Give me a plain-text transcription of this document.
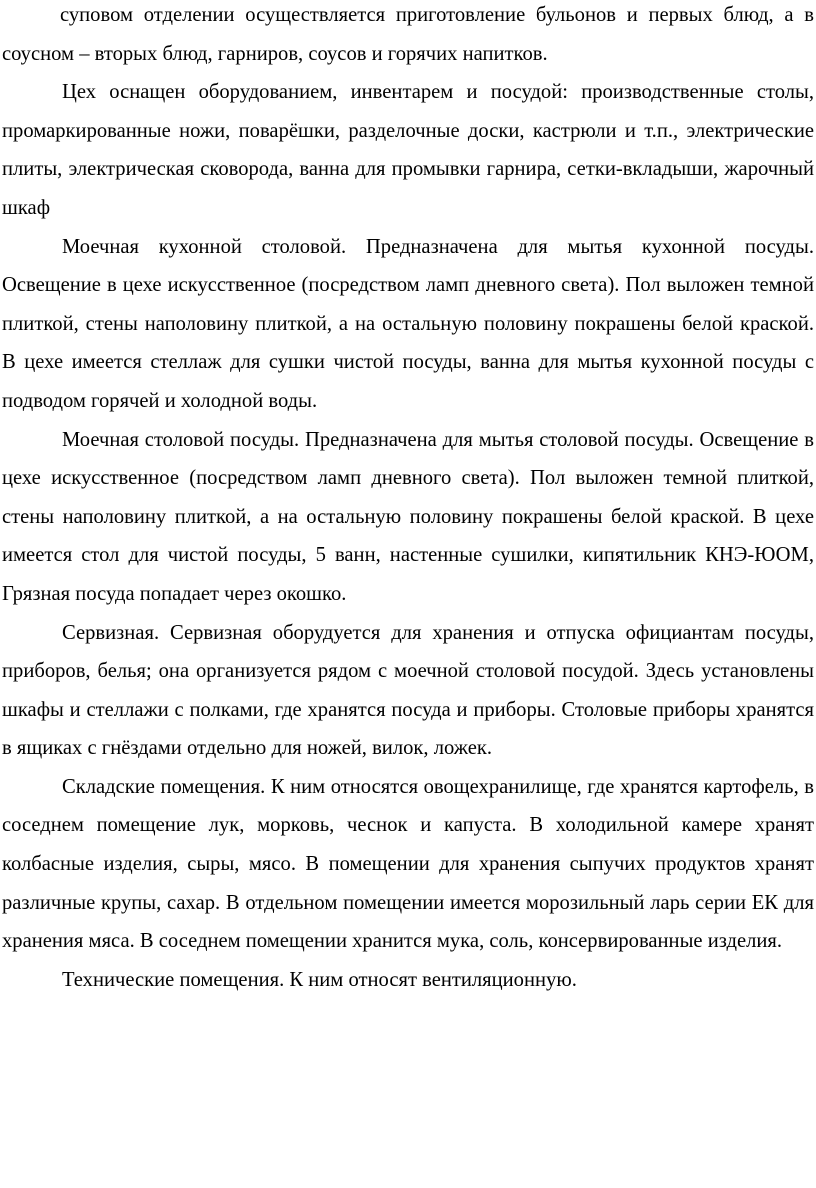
суповом отделении осуществляется приготовление бульонов и первых блюд, а в соусном – вторых блюд, гарниров, соусов и горячих напитков.

Цех оснащен оборудованием, инвентарем и посудой: производственные столы, промаркированные ножи, поварёшки, разделочные доски, кастрюли и т.п., электрические плиты, электрическая сковорода, ванна для промывки гарнира, сетки-вкладыши, жарочный шкаф

Моечная кухонной столовой. Предназначена для мытья кухонной посуды. Освещение в цехе искусственное (посредством ламп дневного света). Пол выложен темной плиткой, стены наполовину плиткой, а на остальную половину покрашены белой краской. В цехе имеется стеллаж для сушки чистой посуды, ванна для мытья кухонной посуды с подводом горячей и холодной воды.

Моечная столовой посуды. Предназначена для мытья столовой посуды. Освещение в цехе искусственное (посредством ламп дневного света). Пол выложен темной плиткой, стены наполовину плиткой, а на остальную половину покрашены белой краской. В цехе имеется стол для чистой посуды, 5 ванн, настенные сушилки, кипятильник КНЭ-ЮОМ, Грязная посуда попадает через окошко.

Сервизная. Сервизная оборудуется для хранения и отпуска официантам посуды, приборов, белья; она организуется рядом с моечной столовой посудой. Здесь установлены шкафы и стеллажи с полками, где хранятся посуда и приборы. Столовые приборы хранятся в ящиках с гнёздами отдельно для ножей, вилок, ложек.

Складские помещения. К ним относятся овощехранилище, где хранятся картофель, в соседнем помещение лук, морковь, чеснок и капуста. В холодильной камере хранят колбасные изделия, сыры, мясо. В помещении для хранения сыпучих продуктов хранят различные крупы, сахар. В отдельном помещении имеется морозильный ларь серии ЕК для хранения мяса. В соседнем помещении хранится мука, соль, консервированные изделия.

Технические помещения. К ним относят вентиляционную.
